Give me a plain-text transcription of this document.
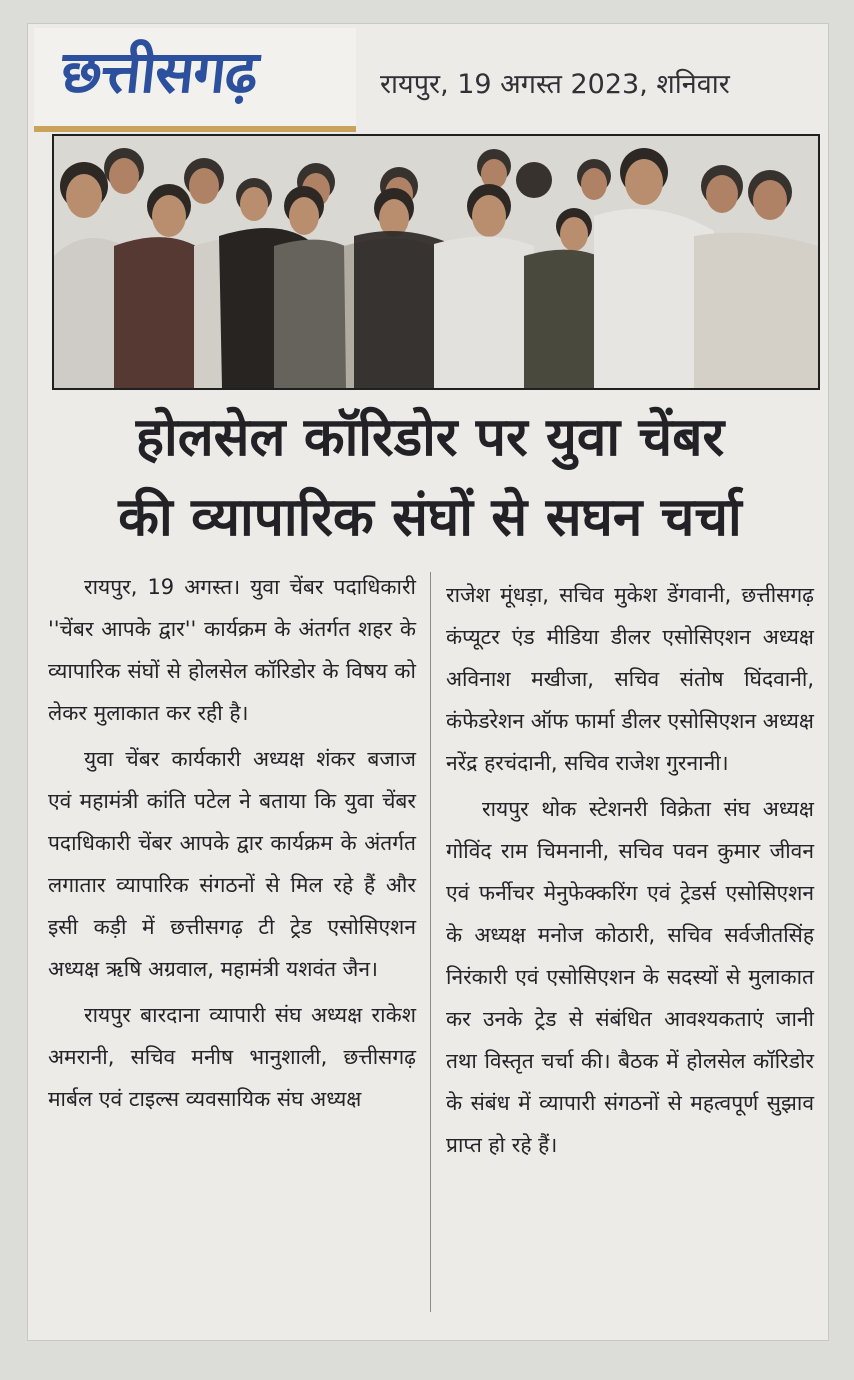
छत्तीसगढ़	रायपुर, 19 अगस्त 2023, शनिवार
होलसेल कॉरिडोर पर युवा चेंबर
की व्यापारिक संघों से सघन चर्चा

रायपुर, 19 अगस्त। युवा चेंबर पदाधिकारी ''चेंबर आपके द्वार'' कार्यक्रम के अंतर्गत शहर के व्यापारिक संघों से होलसेल कॉरिडोर के विषय को लेकर मुलाकात कर रही है।

युवा चेंबर कार्यकारी अध्यक्ष शंकर बजाज एवं महामंत्री कांति पटेल ने बताया कि युवा चेंबर पदाधिकारी चेंबर आपके द्वार कार्यक्रम के अंतर्गत लगातार व्यापारिक संगठनों से मिल रहे हैं और इसी कड़ी में छत्तीसगढ़ टी ट्रेड एसोसिएशन अध्यक्ष ऋषि अग्रवाल, महामंत्री यशवंत जैन।

रायपुर बारदाना व्यापारी संघ अध्यक्ष राकेश अमरानी, सचिव मनीष भानुशाली, छत्तीसगढ़ मार्बल एवं टाइल्स व्यवसायिक संघ अध्यक्ष

राजेश मूंधड़ा, सचिव मुकेश डेंगवानी, छत्तीसगढ़ कंप्यूटर एंड मीडिया डीलर एसोसिएशन अध्यक्ष अविनाश मखीजा, सचिव संतोष घिंदवानी, कंफेडरेशन ऑफ फार्मा डीलर एसोसिएशन अध्यक्ष नरेंद्र हरचंदानी, सचिव राजेश गुरनानी।

रायपुर थोक स्टेशनरी विक्रेता संघ अध्यक्ष गोविंद राम चिमनानी, सचिव पवन कुमार जीवन एवं फर्नीचर मेनुफेक्करिंग एवं ट्रेडर्स एसोसिएशन के अध्यक्ष मनोज कोठारी, सचिव सर्वजीतसिंह निरंकारी एवं एसोसिएशन के सदस्यों से मुलाकात कर उनके ट्रेड से संबंधित आवश्यकताएं जानी तथा विस्तृत चर्चा की। बैठक में होलसेल कॉरिडोर के संबंध में व्यापारी संगठनों से महत्वपूर्ण सुझाव प्राप्त हो रहे हैं।
